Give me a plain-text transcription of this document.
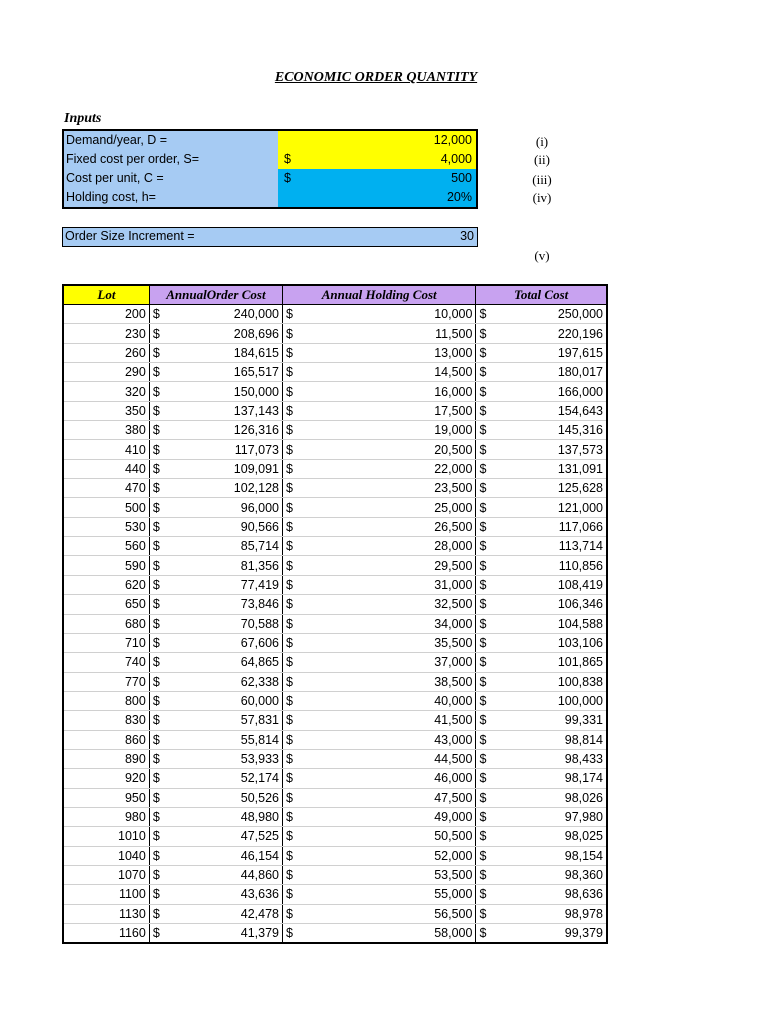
ECONOMIC ORDER QUANTITY
Inputs
Demand/year, D =	12,000
Fixed cost per order, S=	$	4,000
Cost per unit, C =	$	500
Holding cost, h=	20%
(i)
(ii)
(iii)
(iv)
Order Size Increment =	30
(v)
Lot	AnnualOrder Cost		Annual Holding Cost		Total Cost	
200	$	240,000	$	10,000	$	250,000
230	$	208,696	$	11,500	$	220,196
260	$	184,615	$	13,000	$	197,615
290	$	165,517	$	14,500	$	180,017
320	$	150,000	$	16,000	$	166,000
350	$	137,143	$	17,500	$	154,643
380	$	126,316	$	19,000	$	145,316
410	$	117,073	$	20,500	$	137,573
440	$	109,091	$	22,000	$	131,091
470	$	102,128	$	23,500	$	125,628
500	$	96,000	$	25,000	$	121,000
530	$	90,566	$	26,500	$	117,066
560	$	85,714	$	28,000	$	113,714
590	$	81,356	$	29,500	$	110,856
620	$	77,419	$	31,000	$	108,419
650	$	73,846	$	32,500	$	106,346
680	$	70,588	$	34,000	$	104,588
710	$	67,606	$	35,500	$	103,106
740	$	64,865	$	37,000	$	101,865
770	$	62,338	$	38,500	$	100,838
800	$	60,000	$	40,000	$	100,000
830	$	57,831	$	41,500	$	99,331
860	$	55,814	$	43,000	$	98,814
890	$	53,933	$	44,500	$	98,433
920	$	52,174	$	46,000	$	98,174
950	$	50,526	$	47,500	$	98,026
980	$	48,980	$	49,000	$	97,980
1010	$	47,525	$	50,500	$	98,025
1040	$	46,154	$	52,000	$	98,154
1070	$	44,860	$	53,500	$	98,360
1100	$	43,636	$	55,000	$	98,636
1130	$	42,478	$	56,500	$	98,978
1160	$	41,379	$	58,000	$	99,379
